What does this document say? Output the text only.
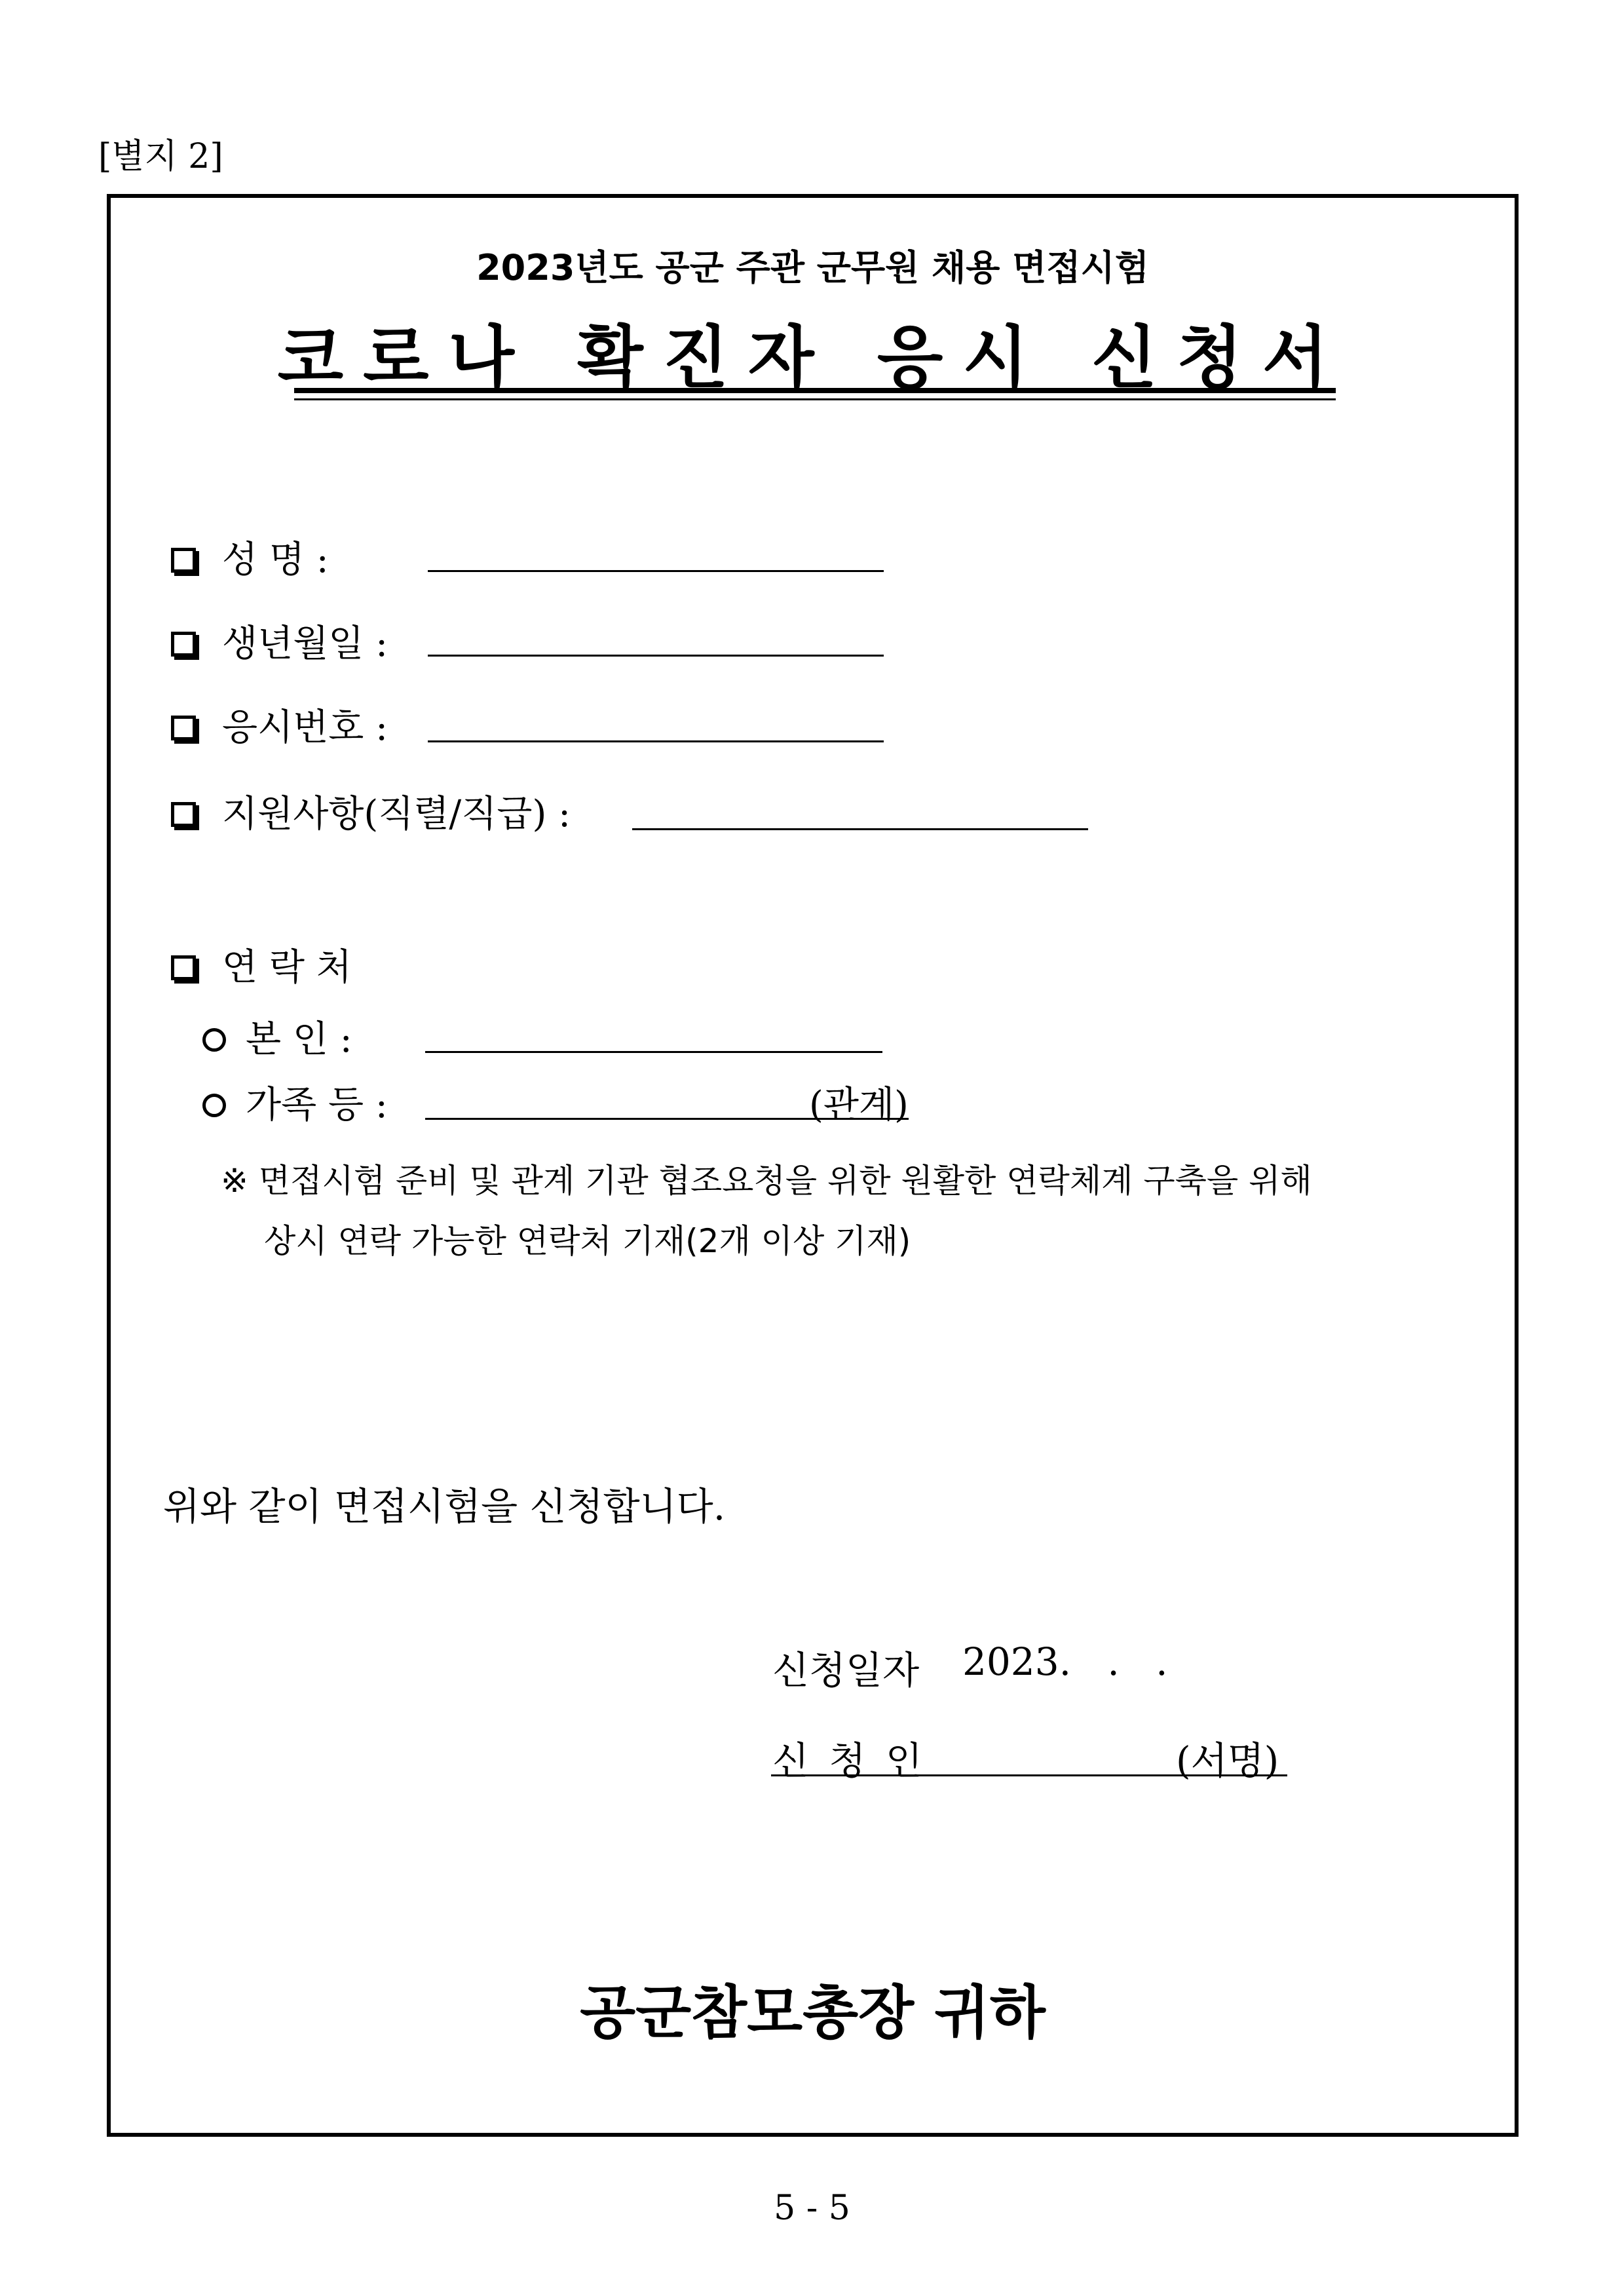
[별지 2]
2023년도 공군 주관 군무원 채용 면접시험
코로나 확진자 응시 신청서
성 명 :
생년월일 :
응시번호 :
지원사항(직렬/직급) :
연 락 처
본 인 :
가족 등 :	(관계)
※ 면접시험 준비 및 관계 기관 협조요청을 위한 원활한 연락체계 구축을 위해
상시 연락 가능한 연락처 기재(2개 이상 기재)
위와 같이 면접시험을 신청합니다.
신청일자 2023.   .   .
신 청 인	(서명)
공군참모총장 귀하
5 - 5
